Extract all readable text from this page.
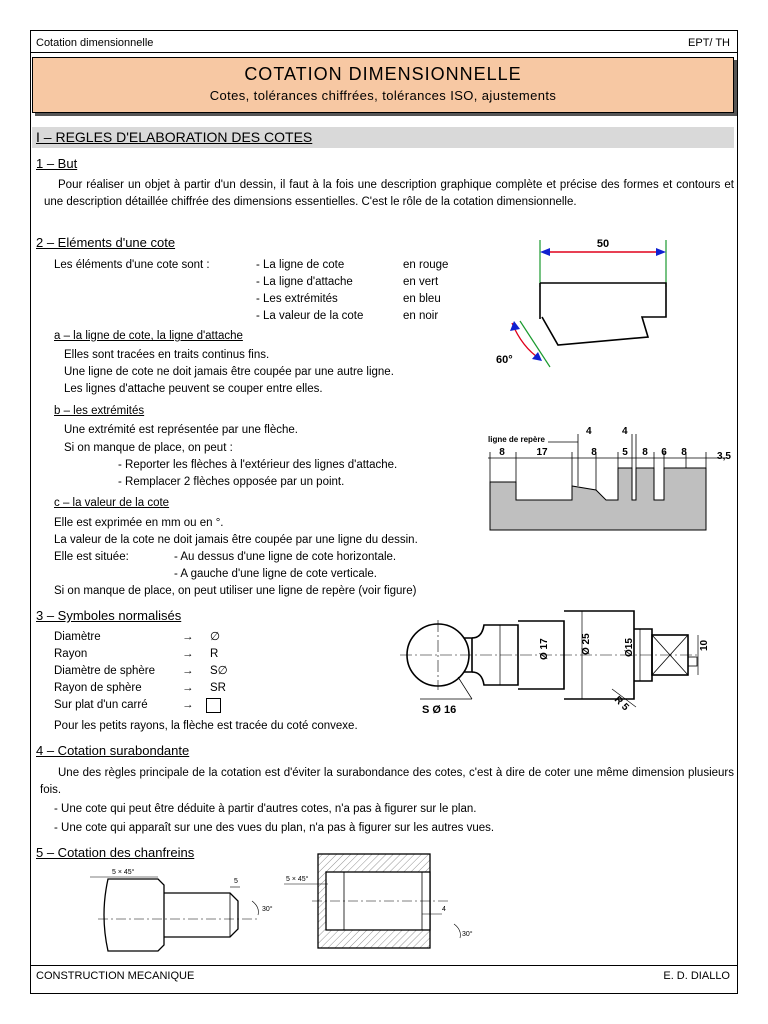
Cotation dimensionnelle	EPT/ TH
COTATION DIMENSIONNELLE
Cotes, tolérances chiffrées, tolérances ISO, ajustements
I – REGLES D'ELABORATION DES COTES
1 – But
Pour réaliser un objet à partir d'un dessin, il faut à la fois une description graphique complète et précise des formes et contours et une description détaillée chiffrée des dimensions essentielles. C'est le rôle de la cotation dimensionnelle.
2 – Eléments d'une cote
Les éléments d'une cote sont :	- La ligne de cote	en rouge
- La ligne d'attache	en vert
- Les extrémités	en bleu
- La valeur de la cote	en noir
50
60°
a – la ligne de cote, la ligne d'attache
Elles sont tracées en traits continus fins.
Une ligne de cote ne doit jamais être coupée par une autre ligne.
Les lignes d'attache peuvent se couper entre elles.
b – les extrémités
Une extrémité est représentée par une flèche.
Si on manque de place, on peut :
- Reporter les flèches à l'extérieur des lignes d'attache.
- Remplacer 2 flèches opposée par un point.
ligne de repère
8	17	8	5 8 6 8	3,5
4	4
c – la valeur de la cote
Elle est exprimée en mm ou en °.
La valeur de la cote ne doit jamais être coupée par une ligne du dessin.
Elle est située:	- Au dessus d'une ligne de cote horizontale.
- A gauche d'une ligne de cote verticale.
Si on manque de place, on peut utiliser une ligne de repère (voir figure)
3 – Symboles normalisés
Diamètre	→ ∅
Rayon	→ R
Diamètre de sphère → S∅
Rayon de sphère	→ SR
Sur plat d'un carré	→
Pour les petits rayons, la flèche est tracée du coté convexe.
Ø 17	Ø 25	Ø15	10
R 5
S Ø 16
4 – Cotation surabondante
Une des règles principale de la cotation est d'éviter la surabondance des cotes, c'est à dire de coter une même dimension plusieurs fois.
- Une cote qui peut être déduite à partir d'autres cotes, n'a pas à figurer sur le plan.
- Une cote qui apparaît sur une des vues du plan, n'a pas à figurer sur les autres vues.
5 – Cotation des chanfreins
5 × 45°
5
30°
5 × 45°
4
30°
CONSTRUCTION MECANIQUE	E. D. DIALLO
